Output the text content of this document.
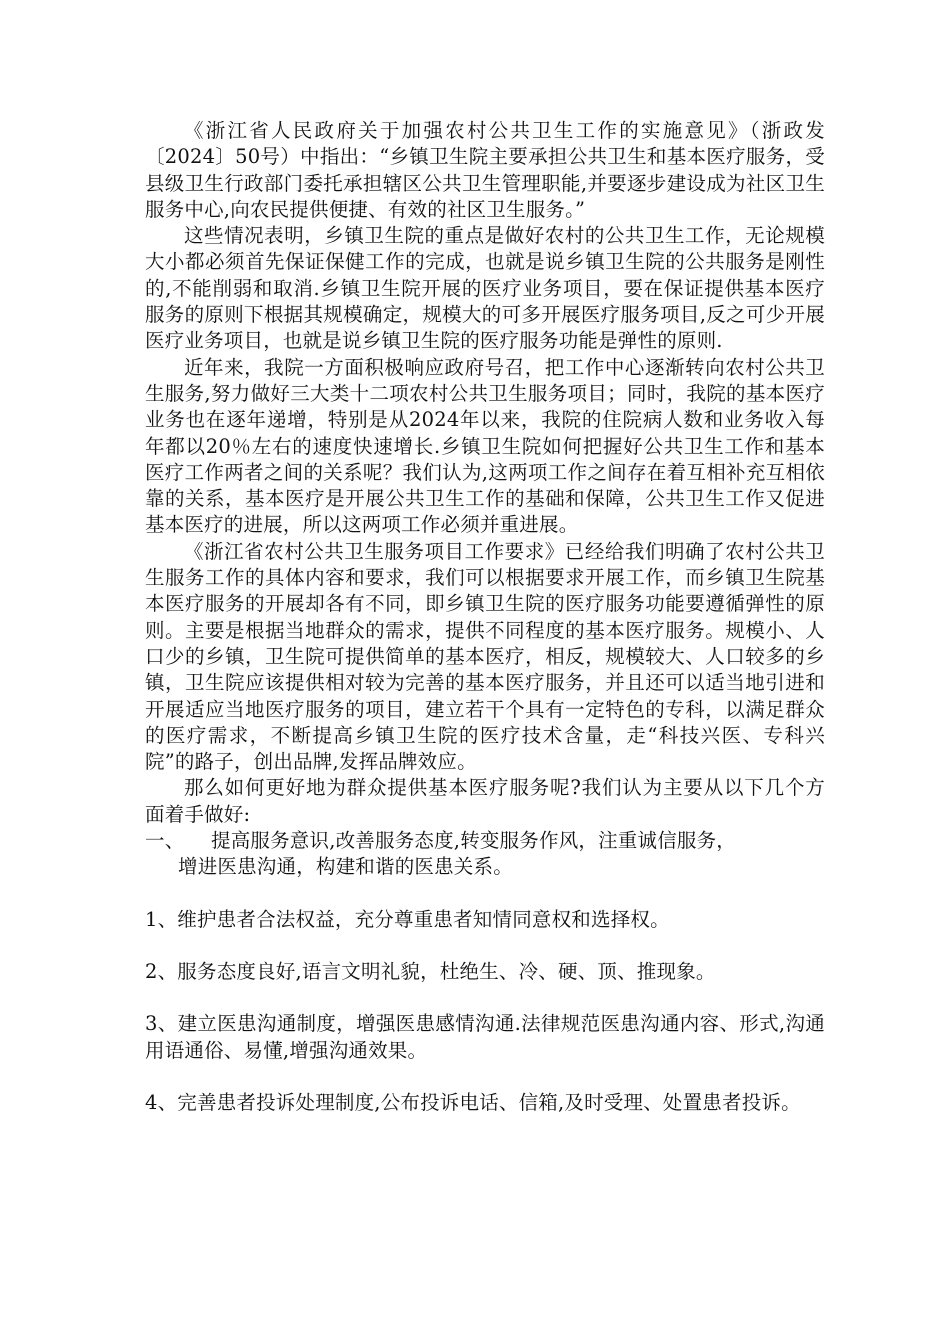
《浙江省人民政府关于加强农村公共卫生工作的实施意见》（浙政发〔2024〕50号）中指出：“乡镇卫生院主要承担公共卫生和基本医疗服务，受县级卫生行政部门委托承担辖区公共卫生管理职能,并要逐步建设成为社区卫生服务中心,向农民提供便捷、有效的社区卫生服务。”

这些情况表明，乡镇卫生院的重点是做好农村的公共卫生工作，无论规模大小都必须首先保证保健工作的完成，也就是说乡镇卫生院的公共服务是刚性的,不能削弱和取消.乡镇卫生院开展的医疗业务项目，要在保证提供基本医疗服务的原则下根据其规模确定，规模大的可多开展医疗服务项目,反之可少开展医疗业务项目，也就是说乡镇卫生院的医疗服务功能是弹性的原则.

近年来，我院一方面积极响应政府号召，把工作中心逐渐转向农村公共卫生服务,努力做好三大类十二项农村公共卫生服务项目；同时，我院的基本医疗业务也在逐年递增，特别是从2024年以来，我院的住院病人数和业务收入每年都以20％左右的速度快速增长.乡镇卫生院如何把握好公共卫生工作和基本医疗工作两者之间的关系呢？我们认为,这两项工作之间存在着互相补充互相依靠的关系，基本医疗是开展公共卫生工作的基础和保障，公共卫生工作又促进基本医疗的进展，所以这两项工作必须并重进展。

《浙江省农村公共卫生服务项目工作要求》已经给我们明确了农村公共卫生服务工作的具体内容和要求，我们可以根据要求开展工作，而乡镇卫生院基本医疗服务的开展却各有不同，即乡镇卫生院的医疗服务功能要遵循弹性的原则。主要是根据当地群众的需求，提供不同程度的基本医疗服务。规模小、人口少的乡镇，卫生院可提供简单的基本医疗，相反，规模较大、人口较多的乡镇，卫生院应该提供相对较为完善的基本医疗服务，并且还可以适当地引进和开展适应当地医疗服务的项目，建立若干个具有一定特色的专科，以满足群众的医疗需求，不断提高乡镇卫生院的医疗技术含量，走“科技兴医、专科兴院”的路子，创出品牌,发挥品牌效应。

那么如何更好地为群众提供基本医疗服务呢?我们认为主要从以下几个方面着手做好:

一、	提高服务意识,改善服务态度,转变服务作风，注重诚信服务，

增进医患沟通，构建和谐的医患关系。

1、维护患者合法权益，充分尊重患者知情同意权和选择权。

2、服务态度良好,语言文明礼貌，杜绝生、冷、硬、顶、推现象。

3、建立医患沟通制度，增强医患感情沟通.法律规范医患沟通内容、形式,沟通用语通俗、易懂,增强沟通效果。

4、完善患者投诉处理制度,公布投诉电话、信箱,及时受理、处置患者投诉。
